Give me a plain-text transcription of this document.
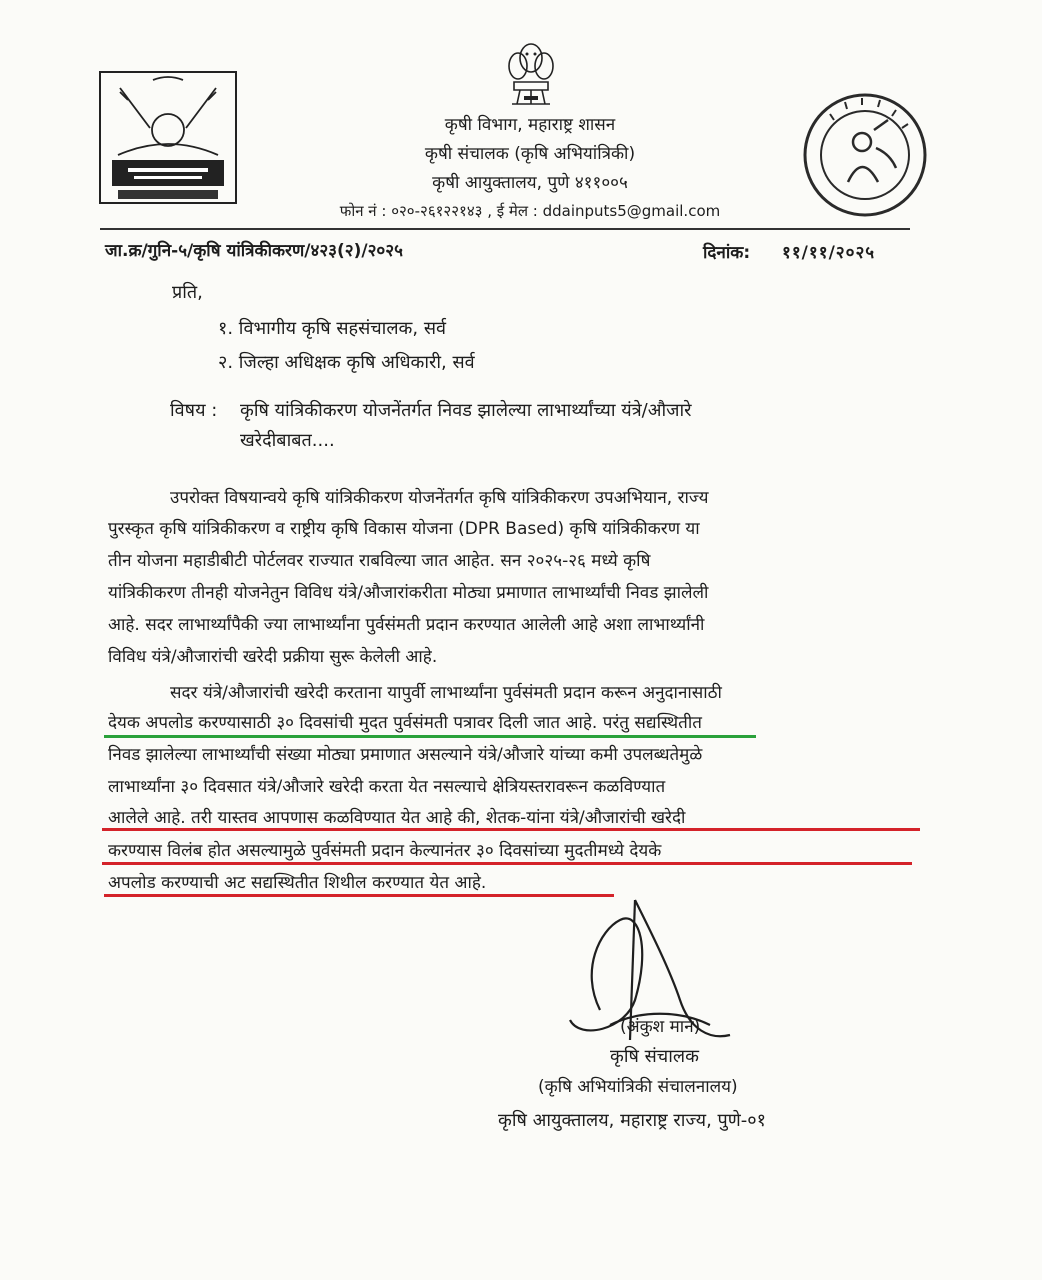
कृषी विभाग, महाराष्ट्र शासन
कृषी संचालक (कृषि अभियांत्रिकी)
कृषी आयुक्तालय, पुणे ४११००५
फोन नं : ०२०-२६१२२१४३ , ई मेल : ddainputs5@gmail.com
जा.क्र/गुनि-५/कृषि यांत्रिकीकरण/४२३(२)/२०२५	दिनांक: ११/११/२०२५
प्रति,
१. विभागीय कृषि सहसंचालक, सर्व
२. जिल्हा अधिक्षक कृषि अधिकारी, सर्व
विषय : कृषि यांत्रिकीकरण योजनेंतर्गत निवड झालेल्या लाभार्थ्यांच्या यंत्रे/औजारे
खरेदीबाबत....
उपरोक्त विषयान्वये कृषि यांत्रिकीकरण योजनेंतर्गत कृषि यांत्रिकीकरण उपअभियान, राज्य
पुरस्कृत कृषि यांत्रिकीकरण व राष्ट्रीय कृषि विकास योजना (DPR Based) कृषि यांत्रिकीकरण या
तीन योजना महाडीबीटी पोर्टलवर राज्यात राबविल्या जात आहेत. सन २०२५-२६ मध्ये कृषि
यांत्रिकीकरण तीनही योजनेतुन विविध यंत्रे/औजारांकरीता मोठ्या प्रमाणात लाभार्थ्यांची निवड झालेली
आहे. सदर लाभार्थ्यांपैकी ज्या लाभार्थ्यांना पुर्वसंमती प्रदान करण्यात आलेली आहे अशा लाभार्थ्यांनी
विविध यंत्रे/औजारांची खरेदी प्रक्रीया सुरू केलेली आहे.
सदर यंत्रे/औजारांची खरेदी करताना यापुर्वी लाभार्थ्यांना पुर्वसंमती प्रदान करून अनुदानासाठी
देयक अपलोड करण्यासाठी ३० दिवसांची मुदत पुर्वसंमती पत्रावर दिली जात आहे. परंतु सद्यस्थितीत
निवड झालेल्या लाभार्थ्यांची संख्या मोठ्या प्रमाणात असल्याने यंत्रे/औजारे यांच्या कमी उपलब्धतेमुळे
लाभार्थ्यांना ३० दिवसात यंत्रे/औजारे खरेदी करता येत नसल्याचे क्षेत्रियस्तरावरून कळविण्यात
आलेले आहे. तरी यास्तव आपणास कळविण्यात येत आहे की, शेतक-यांना यंत्रे/औजारांची खरेदी
करण्यास विलंब होत असल्यामुळे पुर्वसंमती प्रदान केल्यानंतर ३० दिवसांच्या मुदतीमध्ये देयके
अपलोड करण्याची अट सद्यस्थितीत शिथील करण्यात येत आहे.
(अंकुश माने)
कृषि संचालक
(कृषि अभियांत्रिकी संचालनालय)
कृषि आयुक्तालय, महाराष्ट्र राज्य, पुणे-०१
